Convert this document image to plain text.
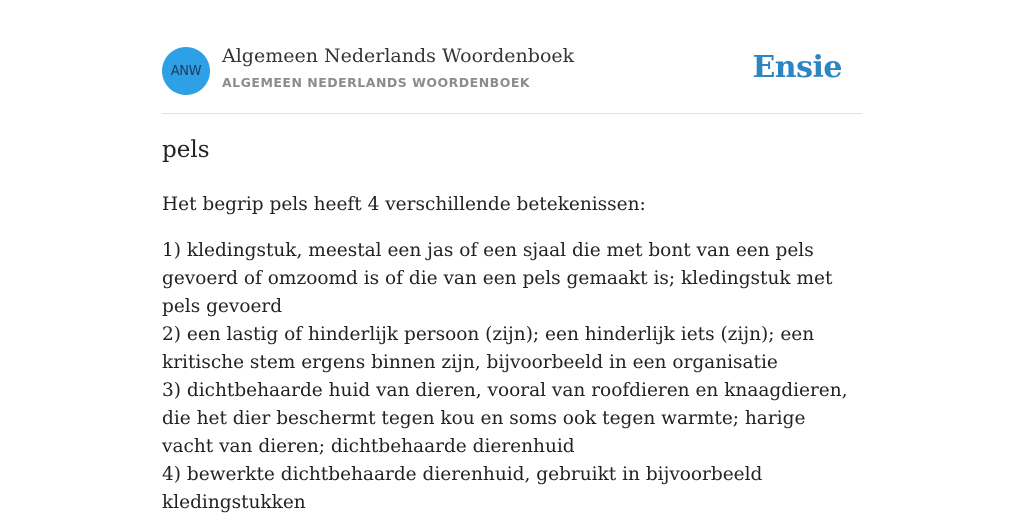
ANW
Algemeen Nederlands Woordenboek
ALGEMEEN NEDERLANDS WOORDENBOEK	Ensie
pels

Het begrip pels heeft 4 verschillende betekenissen:

1) kledingstuk, meestal een jas of een sjaal die met bont van een pels gevoerd of omzoomd is of die van een pels gemaakt is; kledingstuk met pels gevoerd
2) een lastig of hinderlijk persoon (zijn); een hinderlijk iets (zijn); een kritische stem ergens binnen zijn, bijvoorbeeld in een organisatie
3) dichtbehaarde huid van dieren, vooral van roofdieren en knaagdieren, die het dier beschermt tegen kou en soms ook tegen warmte; harige vacht van dieren; dichtbehaarde dierenhuid
4) bewerkte dichtbehaarde dierenhuid, gebruikt in bijvoorbeeld kledingstukken
